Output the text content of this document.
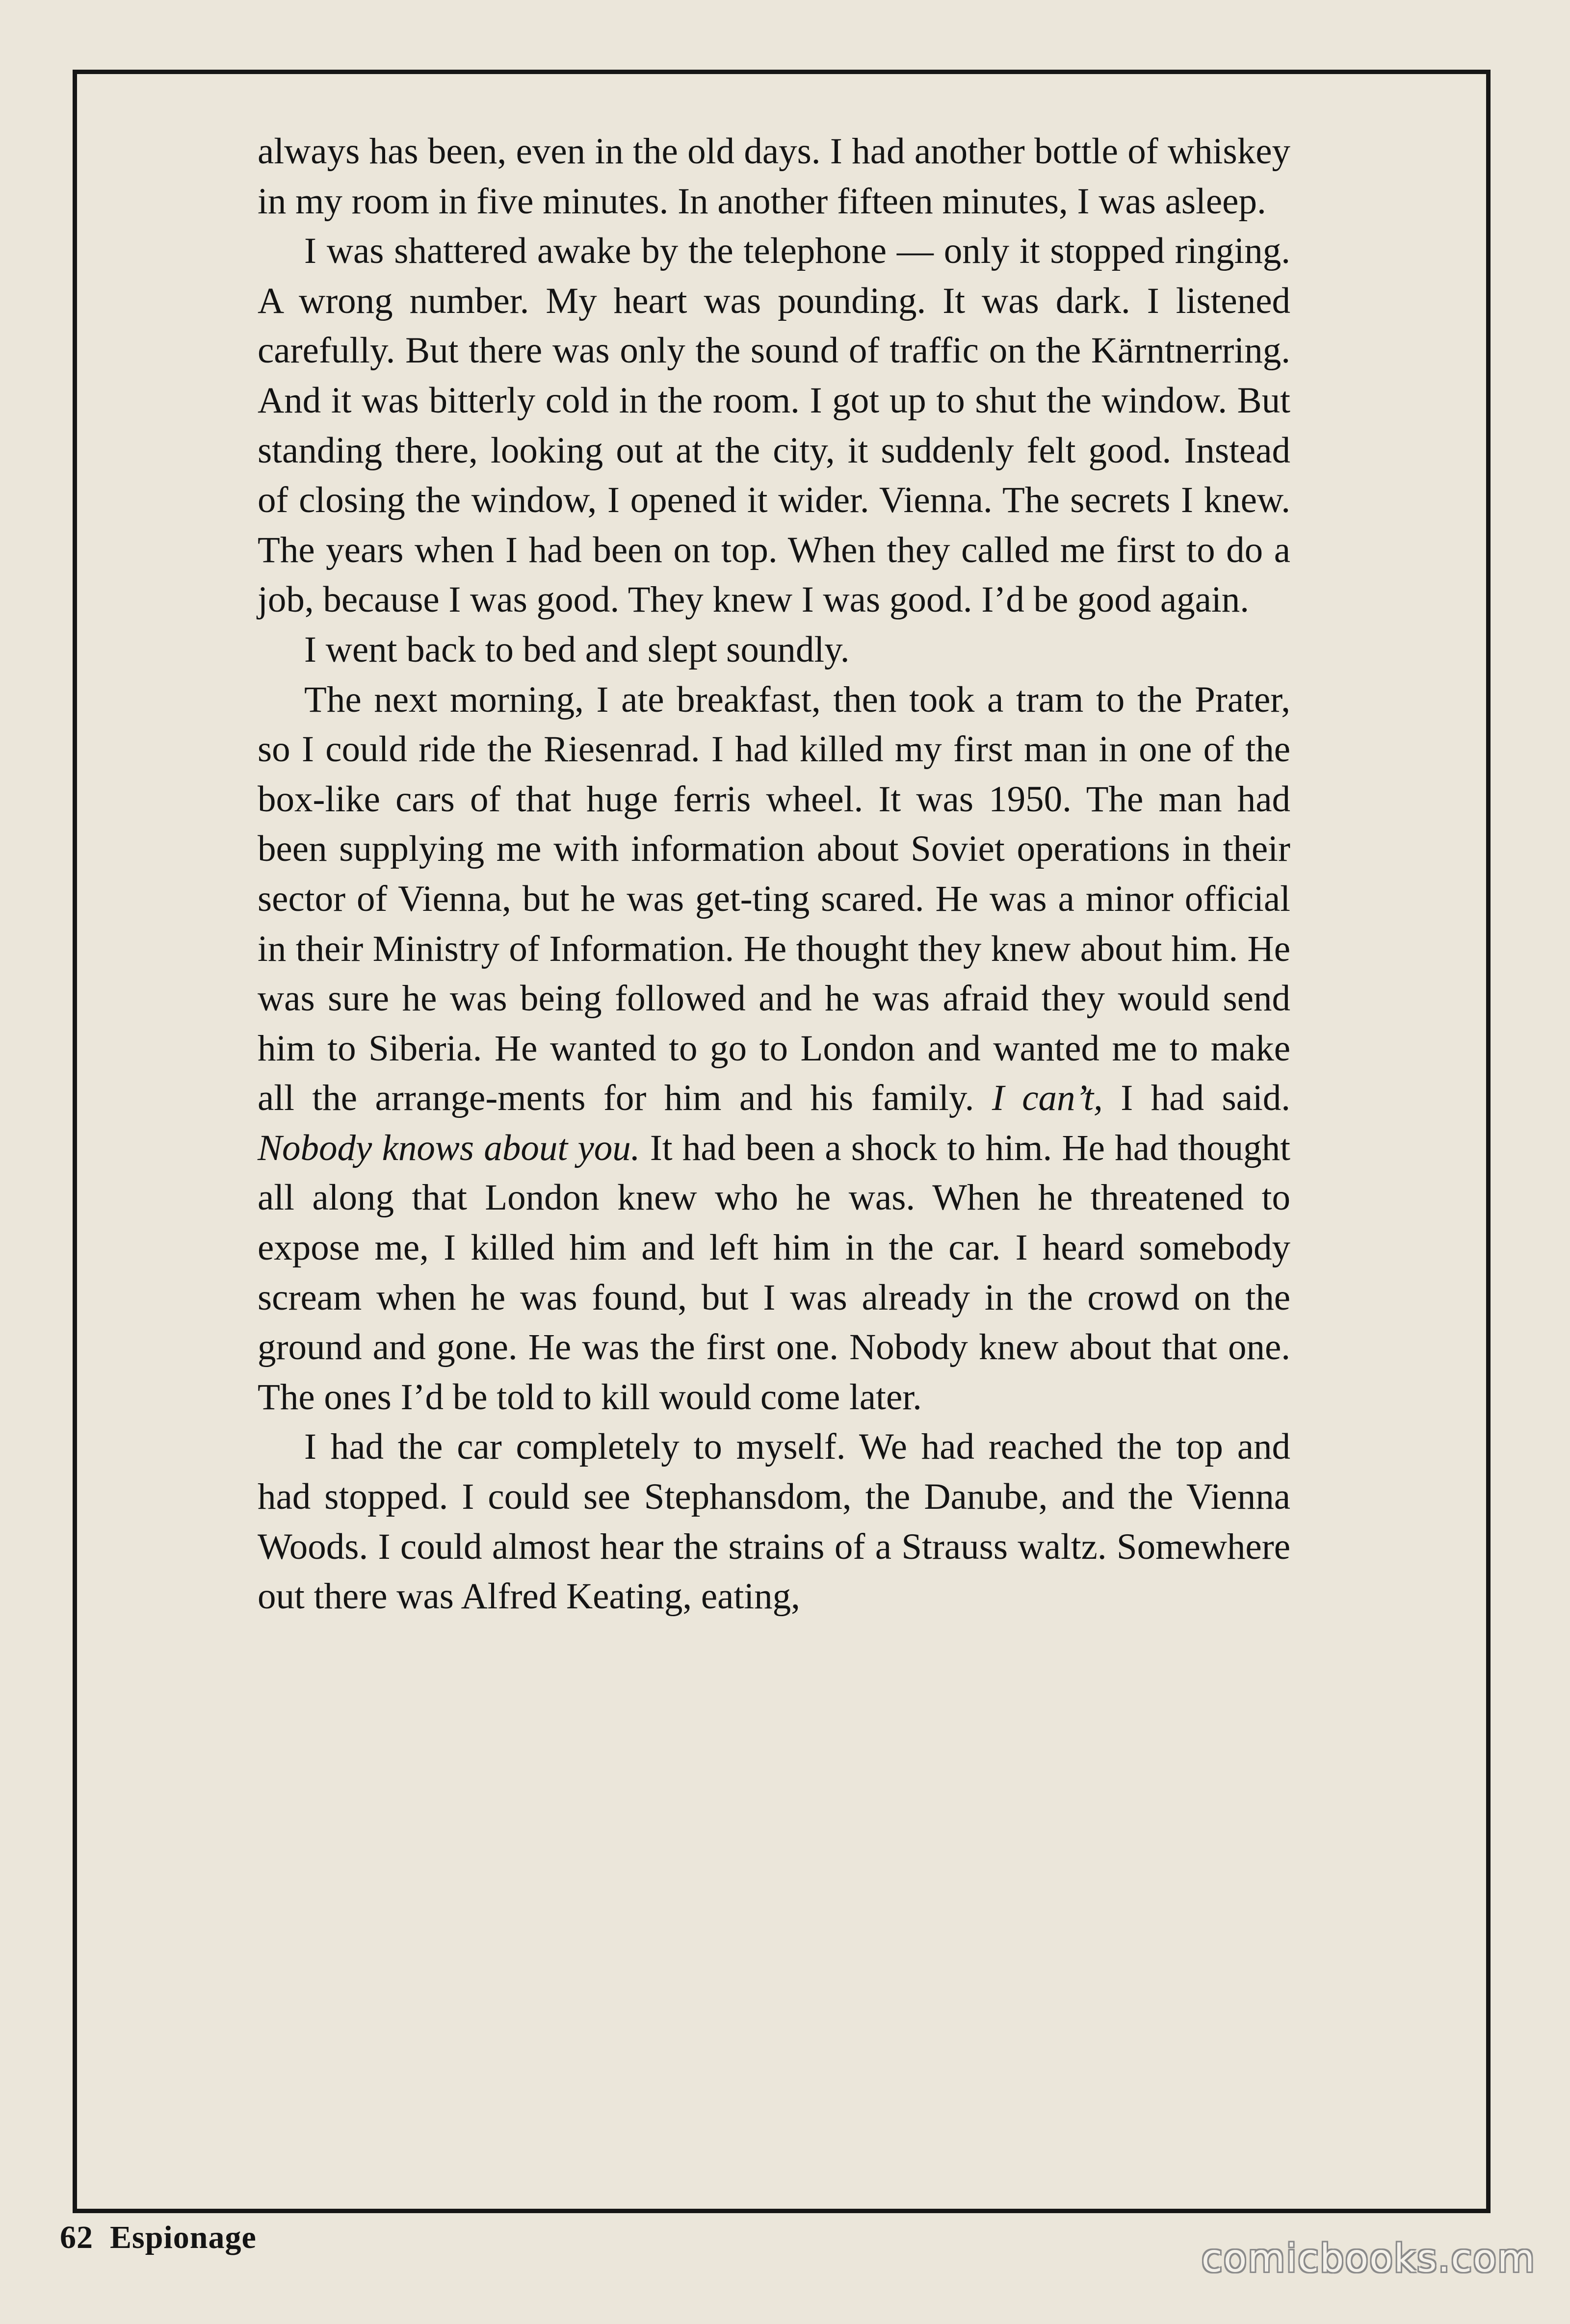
always has been, even in the old days. I had another bottle of whiskey in my room in five minutes. In another fifteen minutes, I was asleep.

I was shattered awake by the telephone — only it stopped ringing. A wrong number. My heart was pounding. It was dark. I listened carefully. But there was only the sound of traffic on the Kärntnerring. And it was bitterly cold in the room. I got up to shut the window. But standing there, looking out at the city, it suddenly felt good. Instead of closing the window, I opened it wider. Vienna. The secrets I knew. The years when I had been on top. When they called me first to do a job, because I was good. They knew I was good. I’d be good again.

I went back to bed and slept soundly.

The next morning, I ate breakfast, then took a tram to the Prater, so I could ride the Riesenrad. I had killed my first man in one of the box-like cars of that huge ferris wheel. It was 1950. The man had been supplying me with information about Soviet operations in their sector of Vienna, but he was get-ting scared. He was a minor official in their Ministry of Information. He thought they knew about him. He was sure he was being followed and he was afraid they would send him to Siberia. He wanted to go to London and wanted me to make all the arrange-ments for him and his family. I can’t, I had said. Nobody knows about you. It had been a shock to him. He had thought all along that London knew who he was. When he threatened to expose me, I killed him and left him in the car. I heard somebody scream when he was found, but I was already in the crowd on the ground and gone. He was the first one. Nobody knew about that one. The ones I’d be told to kill would come later.

I had the car completely to myself. We had reached the top and had stopped. I could see Stephansdom, the Danube, and the Vienna Woods. I could almost hear the strains of a Strauss waltz. Somewhere out there was Alfred Keating, eating,

62 Espionage	comicbooks.com
